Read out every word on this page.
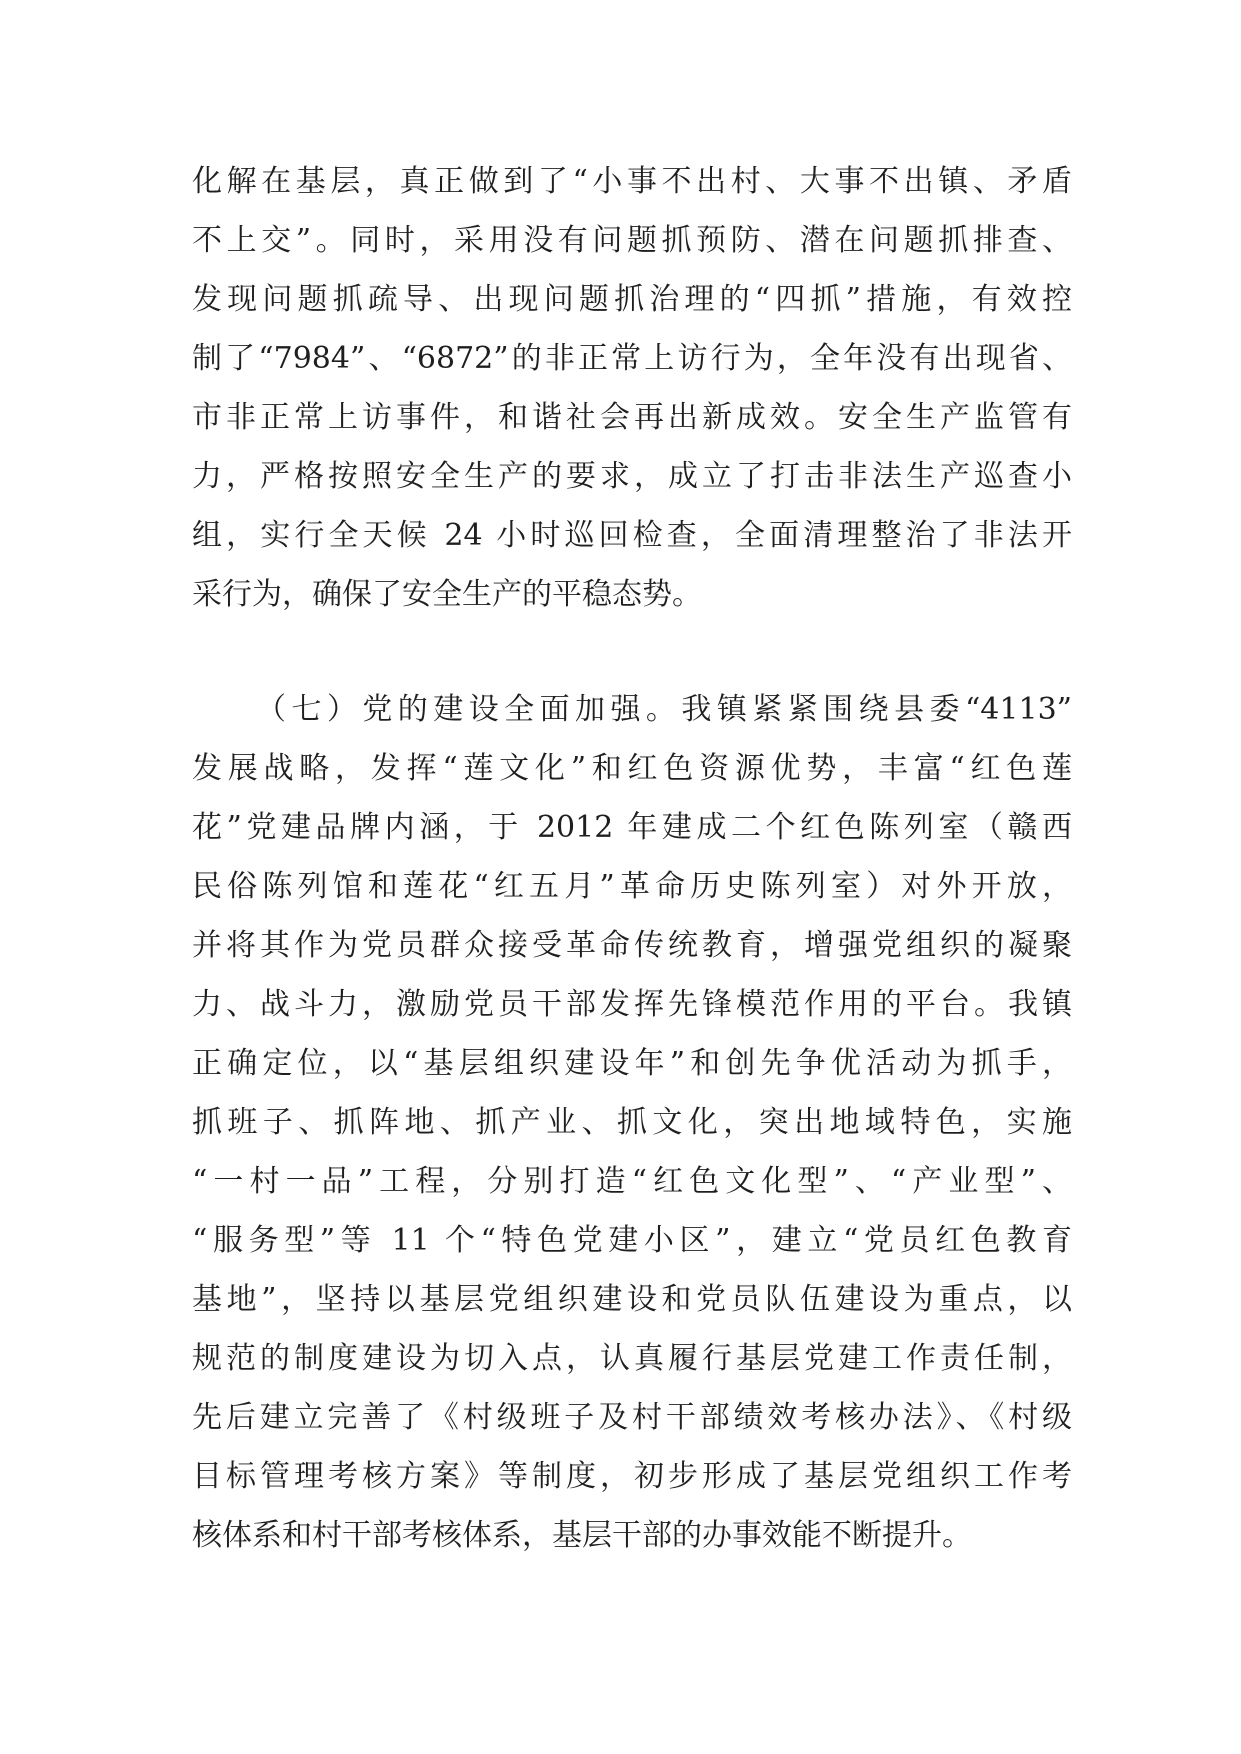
化解在基层，真正做到了“小事不出村、大事不出镇、矛盾
不上交”。同时，采用没有问题抓预防、潜在问题抓排查、
发现问题抓疏导、出现问题抓治理的“四抓”措施，有效控
制了“7984”、“6872”的非正常上访行为，全年没有出现省、
市非正常上访事件，和谐社会再出新成效。安全生产监管有
力，严格按照安全生产的要求，成立了打击非法生产巡查小
组，实行全天候 24 小时巡回检查，全面清理整治了非法开
采行为，确保了安全生产的平稳态势。
（七）党的建设全面加强。我镇紧紧围绕县委“4113”
发展战略，发挥“莲文化”和红色资源优势，丰富“红色莲
花”党建品牌内涵，于 2012 年建成二个红色陈列室（赣西
民俗陈列馆和莲花“红五月”革命历史陈列室）对外开放，
并将其作为党员群众接受革命传统教育，增强党组织的凝聚
力、战斗力，激励党员干部发挥先锋模范作用的平台。我镇
正确定位，以“基层组织建设年”和创先争优活动为抓手，
抓班子、抓阵地、抓产业、抓文化，突出地域特色，实施
“一村一品”工程，分别打造“红色文化型”、“产业型”、
“服务型”等 11 个“特色党建小区”，建立“党员红色教育
基地”，坚持以基层党组织建设和党员队伍建设为重点，以
规范的制度建设为切入点，认真履行基层党建工作责任制，
先后建立完善了《村级班子及村干部绩效考核办法》、《村级
目标管理考核方案》等制度，初步形成了基层党组织工作考
核体系和村干部考核体系，基层干部的办事效能不断提升。
